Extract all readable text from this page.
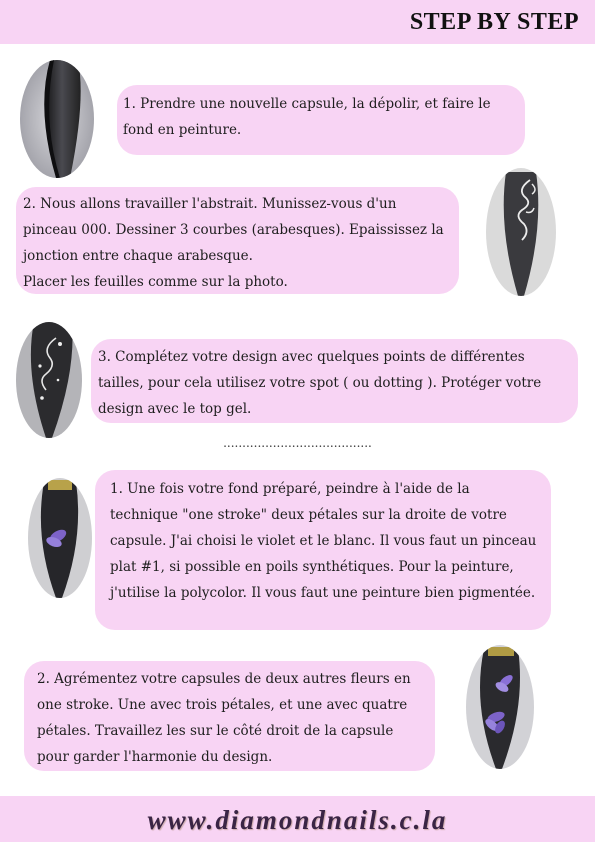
STEP BY STEP

1. Prendre une nouvelle capsule, la dépolir, et faire le fond en peinture.

2. Nous allons travailler l'abstrait. Munissez-vous d'un pinceau 000. Dessiner 3 courbes (arabesques). Epaississez la jonction entre chaque arabesque.

Placer les feuilles comme sur la photo.

3. Complétez votre design avec quelques points de différentes tailles, pour cela utilisez votre spot ( ou dotting ). Protéger votre design avec le top gel.

.......................................

1. Une fois votre fond préparé, peindre à l'aide de la technique "one stroke" deux pétales sur la droite de votre capsule. J'ai choisi le violet et le blanc. Il vous faut un pinceau plat #1, si possible en poils synthétiques. Pour la peinture, j'utilise la polycolor. Il vous faut une peinture bien pigmentée.

2. Agrémentez votre capsules de deux autres fleurs en one stroke. Une avec trois pétales, et une avec quatre pétales. Travaillez les sur le côté droit de la capsule pour garder l'harmonie du design.

www.diamondnails.c.la
